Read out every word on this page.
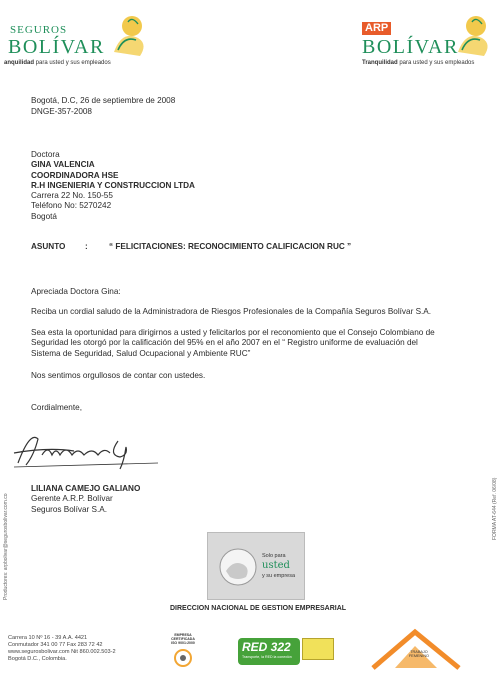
SEGUROS
BOLÍVAR
anquilidad para usted y sus empleados
ARP
BOLÍVAR
Tranquilidad para usted y sus empleados
Bogotá, D.C, 26 de septiembre de 2008
DNGE-357-2008
Doctora
GINA VALENCIA
COORDINADORA HSE
R.H INGENIERIA Y CONSTRUCCION LTDA
Carrera 22 No. 150-55
Teléfono No: 5270242
Bogotá
ASUNTO :	“ FELICITACIONES: RECONOCIMIENTO CALIFICACION RUC ”
Apreciada Doctora Gina:
Reciba un cordial saludo de la Administradora de Riesgos Profesionales de la Compañía Seguros Bolívar S.A.
Sea esta la oportunidad para dirigirnos a usted y felicitarlos por el reconomiento que el Consejo Colombiano de
Seguridad les otorgó por la calificación del 95% en el año 2007 en el “ Registro uniforme de evaluación del
Sistema de Seguridad, Salud Ocupacional y Ambiente RUC”
Nos sentimos orgullosos de contar con ustedes.
Cordialmente,
LILIANA CAMEJO GALIANO
Gerente A.R.P. Bolívar
Seguros Bolívar S.A.
Solo para
usted
y su empresa
DIRECCION NACIONAL DE GESTION EMPRESARIAL
Productores: arpbolivar@segurosbolivar.com.co	FORMA AT-644 (Ref. 06/08)
Carrera 10 Nº 16 - 39 A.A. 4421
Conmutador 341 00 77 Fax 283 72 42
www.segurosbolivar.com Nit 860.002.503-2
Bogotá D.C., Colombia.
EMPRESA CERTIFICADA
ISO 9001:2000	RED 322
Transporte, la RED la conexión
TRABAJO FEMENINO
